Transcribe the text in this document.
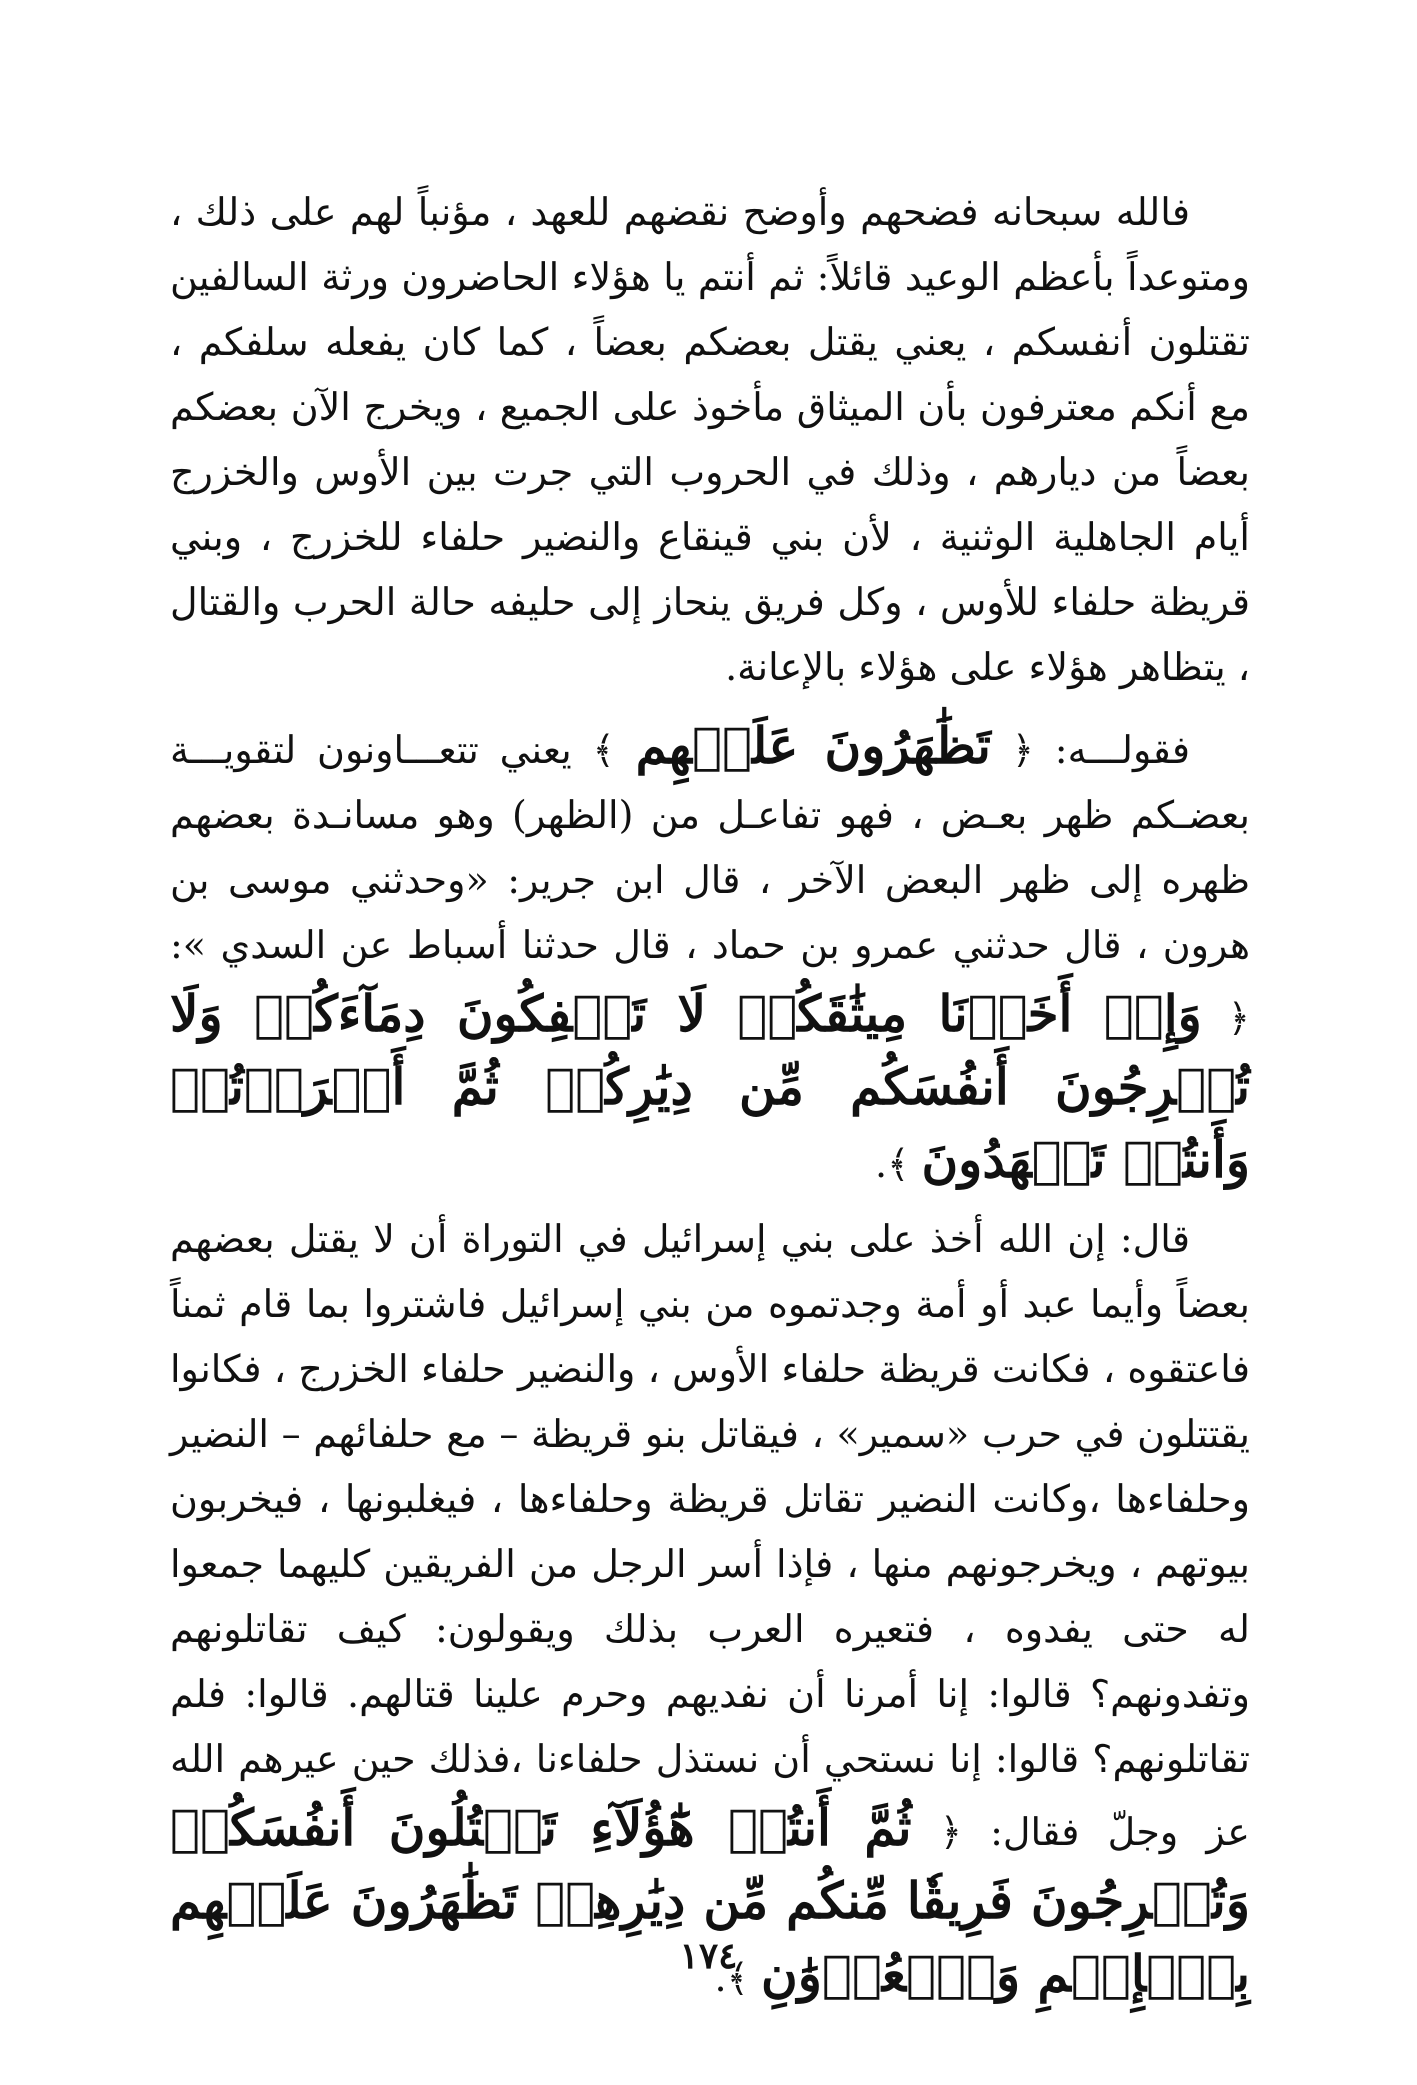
فالله سبحانه فضحهم وأوضح نقضهم للعهد ، مؤنباً لهم على ذلك ، ومتوعداً بأعظم الوعيد قائلاً: ثم أنتم يا هؤلاء الحاضرون ورثة السالفين تقتلون أنفسكم ، يعني يقتل بعضكم بعضاً ، كما كان يفعله سلفكم ، مع أنكم معترفون بأن الميثاق مأخوذ على الجميع ، ويخرج الآن بعضكم بعضاً من ديارهم ، وذلك في الحروب التي جرت بين الأوس والخزرج أيام الجاهلية الوثنية ، لأن بني قينقاع والنضير حلفاء للخزرج ، وبني قريظة حلفاء للأوس ، وكل فريق ينحاز إلى حليفه حالة الحرب والقتال ، يتظاهر هؤلاء على هؤلاء بالإعانة.

فقولـــه: ﴿ تَظَٰهَرُونَ عَلَيۡهِم ﴾ يعني تتعـــاونون لتقويـــة بعضـكم ظهر بعـض ، فهو تفاعـل من (الظهر) وهو مسانـدة بعضهم ظهره إلى ظهر البعض الآخر ، قال ابن جرير: «وحدثني موسى بن هرون ، قال حدثني عمرو بن حماد ، قال حدثنا أسباط عن السدي »: ﴿ وَإِذۡ أَخَذۡنَا مِيثَٰقَكُمۡ لَا تَسۡفِكُونَ دِمَآءَكُمۡ وَلَا تُخۡرِجُونَ أَنفُسَكُم مِّن دِيَٰرِكُمۡ ثُمَّ أَقۡرَرۡتُمۡ وَأَنتُمۡ تَشۡهَدُونَ ﴾.

قال: إن الله أخذ على بني إسرائيل في التوراة أن لا يقتل بعضهم بعضاً وأيما عبد أو أمة وجدتموه من بني إسرائيل فاشتروا بما قام ثمناً فاعتقوه ، فكانت قريظة حلفاء الأوس ، والنضير حلفاء الخزرج ، فكانوا يقتتلون في حرب «سمير» ، فيقاتل بنو قريظة – مع حلفائهم – النضير وحلفاءها ،وكانت النضير تقاتل قريظة وحلفاءها ، فيغلبونها ، فيخربون بيوتهم ، ويخرجونهم منها ، فإذا أسر الرجل من الفريقين كليهما جمعوا له حتى يفدوه ، فتعيره العرب بذلك ويقولون: كيف تقاتلونهم وتفدونهم؟ قالوا: إنا أمرنا أن نفديهم وحرم علينا قتالهم. قالوا: فلم تقاتلونهم؟ قالوا: إنا نستحي أن نستذل حلفاءنا ،فذلك حين عيرهم الله عز وجلّ فقال: ﴿ ثُمَّ أَنتُمۡ هَٰٓؤُلَآءِ تَقۡتُلُونَ أَنفُسَكُمۡ وَتُخۡرِجُونَ فَرِيقٗا مِّنكُم مِّن دِيَٰرِهِمۡ تَظَٰهَرُونَ عَلَيۡهِم بِٱلۡإِثۡمِ وَٱلۡعُدۡوَٰنِ ﴾.

١٧٤
